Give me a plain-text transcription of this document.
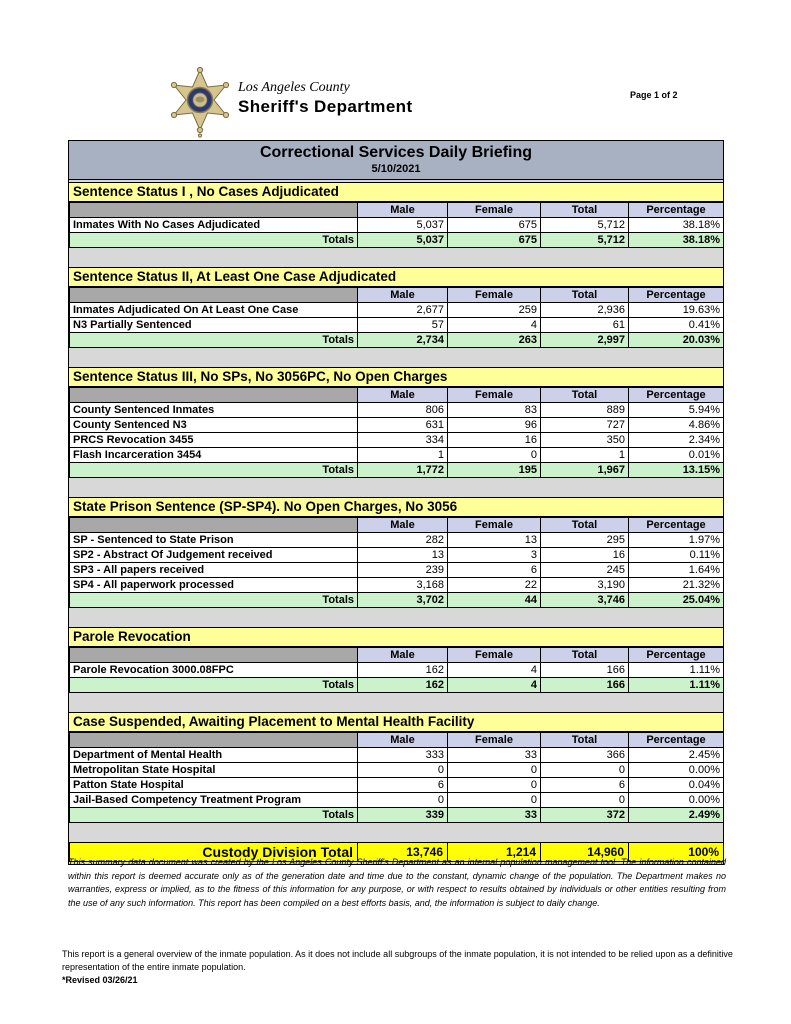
Los Angeles County
Sheriff's Department
Page 1 of 2
Correctional Services Daily Briefing
5/10/2021
Sentence Status I , No Cases Adjudicated
	Male	Female	Total	Percentage
Inmates With No Cases Adjudicated	5,037	675	5,712	38.18%
Totals	5,037	675	5,712	38.18%
Sentence Status II, At Least One Case Adjudicated
	Male	Female	Total	Percentage
Inmates Adjudicated On At Least One Case	2,677	259	2,936	19.63%
N3 Partially Sentenced	57	4	61	0.41%
Totals	2,734	263	2,997	20.03%
Sentence Status III, No SPs, No 3056PC, No Open Charges
	Male	Female	Total	Percentage
County Sentenced Inmates	806	83	889	5.94%
County Sentenced N3	631	96	727	4.86%
PRCS Revocation 3455	334	16	350	2.34%
Flash Incarceration 3454	1	0	1	0.01%
Totals	1,772	195	1,967	13.15%
State Prison Sentence (SP-SP4). No Open Charges, No 3056
	Male	Female	Total	Percentage
SP - Sentenced to State Prison	282	13	295	1.97%
SP2 - Abstract Of Judgement received	13	3	16	0.11%
SP3 - All papers received	239	6	245	1.64%
SP4 - All paperwork processed	3,168	22	3,190	21.32%
Totals	3,702	44	3,746	25.04%
Parole Revocation
	Male	Female	Total	Percentage
Parole Revocation 3000.08FPC	162	4	166	1.11%
Totals	162	4	166	1.11%
Case Suspended, Awaiting Placement to Mental Health Facility
	Male	Female	Total	Percentage
Department of Mental Health	333	33	366	2.45%
Metropolitan State Hospital	0	0	0	0.00%
Patton State Hospital	6	0	6	0.04%
Jail-Based Competency Treatment Program	0	0	0	0.00%
Totals	339	33	372	2.49%
Custody Division Total	13,746	1,214	14,960	100%
This summary data document was created by the Los Angeles County Sheriff's Department as an internal population management tool. The information contained within this report is deemed accurate only as of the generation date and time due to the constant, dynamic change of the population. The Department makes no warranties, express or implied, as to the fitness of this information for any purpose, or with respect to results obtained by individuals or other entities resulting from the use of any such information. This report has been compiled on a best efforts basis, and, the information is subject to daily change.
This report is a general overview of the inmate population. As it does not include all subgroups of the inmate population, it is not intended to be relied upon as a definitive representation of the entire inmate population.
*Revised 03/26/21
